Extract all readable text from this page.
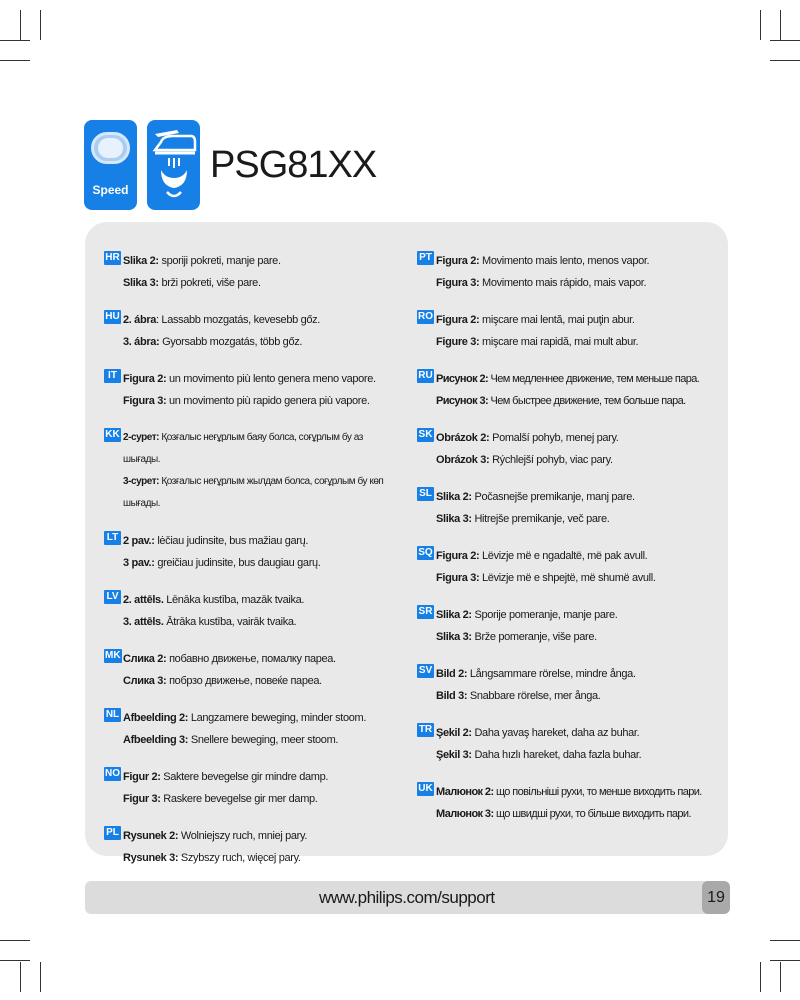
Speed
PSG81XX
HR Slika 2: sporiji pokreti, manje pare.
Slika 3: brži pokreti, više pare.
HU 2. ábra: Lassabb mozgatás, kevesebb gőz.
3. ábra: Gyorsabb mozgatás, több gőz.
IT Figura 2: un movimento più lento genera meno vapore.
Figura 3: un movimento più rapido genera più vapore.
KK 2-сурет: Қозғалыс неғұрлым баяу болса, соғұрлым бу аз шығады.
3-сурет: Қозғалыс неғұрлым жылдам болса, соғұрлым бу көп шығады.
LT 2 pav.: lėčiau judinsite, bus mažiau garų.
3 pav.: greičiau judinsite, bus daugiau garų.
LV 2. attēls. Lēnāka kustība, mazāk tvaika.
3. attēls. Ātrāka kustība, vairāk tvaika.
MK Слика 2: побавно движење, помалку пареа.
Слика 3: побрзо движење, повеќе пареа.
NL Afbeelding 2: Langzamere beweging, minder stoom.
Afbeelding 3: Snellere beweging, meer stoom.
NO Figur 2: Saktere bevegelse gir mindre damp.
Figur 3: Raskere bevegelse gir mer damp.
PL Rysunek 2: Wolniejszy ruch, mniej pary.
Rysunek 3: Szybszy ruch, więcej pary.
PT Figura 2: Movimento mais lento, menos vapor.
Figura 3: Movimento mais rápido, mais vapor.
RO Figura 2: mişcare mai lentă, mai puţin abur.
Figure 3: mişcare mai rapidă, mai mult abur.
RU Рисунок 2: Чем медленнее движение, тем меньше пара.
Рисунок 3: Чем быстрее движение, тем больше пара.
SK Obrázok 2: Pomalší pohyb, menej pary.
Obrázok 3: Rýchlejší pohyb, viac pary.
SL Slika 2: Počasnejše premikanje, manj pare.
Slika 3: Hitrejše premikanje, več pare.
SQ Figura 2: Lëvizje më e ngadaltë, më pak avull.
Figura 3: Lëvizje më e shpejtë, më shumë avull.
SR Slika 2: Sporije pomeranje, manje pare.
Slika 3: Brže pomeranje, više pare.
SV Bild 2: Långsammare rörelse, mindre ånga.
Bild 3: Snabbare rörelse, mer ånga.
TR Şekil 2: Daha yavaş hareket, daha az buhar.
Şekil 3: Daha hızlı hareket, daha fazla buhar.
UK Малюнок 2: що повільніші рухи, то менше виходить пари.
Малюнок 3: що швидші рухи, то більше виходить пари.
www.philips.com/support	19
